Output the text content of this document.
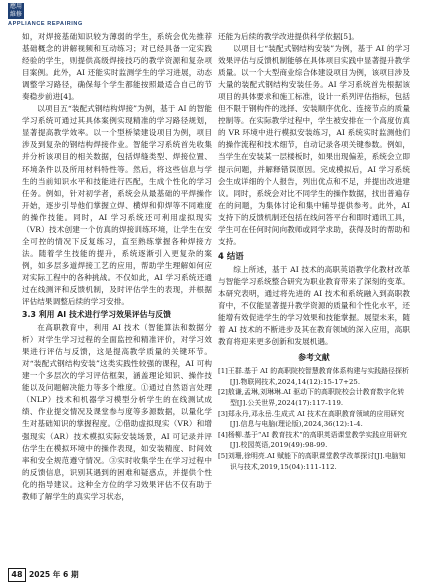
應用 維修
APPLIANCE REPAIRING

如，对焊接基础知识较为薄弱的学生，系统会优先推荐基础概念的讲解视频和互动练习；对已经具备一定实践经验的学生，则提供高级焊接技巧的教学资源和复杂项目案例。此外，AI 还能实时监测学生的学习进展，动态调整学习路径，确保每个学生都能按照最适合自己的节奏稳步前进[4]。

以项目五“装配式钢结构焊接”为例，基于 AI 的智能学习系统可通过其具体案例实现精准的学习路径规划，显著提高教学效率。以一个型桥梁建设项目为例，项目涉及到复杂的钢结构焊接作业。智能学习系统首先收集并分析该项目的相关数据，包括焊缝类型、焊接位置、环境条件以及所用材料特性等。然后，将这些信息与学生的当前知识水平和技能进行匹配，生成个性化的学习任务。例如，针对初学者，系统会从最基础的平焊操作开始，逐步引导他们掌握立焊、横焊和仰焊等不同难度的操作技能。同时，AI 学习系统还可利用虚拟现实（VR）技术创建一个仿真的焊接训练环境，让学生在安全可控的情况下反复练习，直至熟练掌握各种焊接方法。随着学生技能的提升，系统逐渐引入更复杂的案例，如多层多道焊接工艺的应用，帮助学生理解如何应对实际工程中的各种挑战。不仅如此，AI 学习系统还通过在线测评和反馈机制，及时评估学生的表现，并根据评估结果调整后续的学习安排。

3.3 利用 AI 技术进行学习效果评估与反馈

在高职教育中，利用 AI 技术（智能算法和数据分析）对学生学习过程的全面监控和精准评价，对学习效果进行评估与反馈，这是提高教学质量的关键环节。对“装配式钢结构安装”这类实践性较强的课程，AI 可构建一个多层次的学习评估框架，涵盖理论知识、操作技能以及问题解决能力等多个维度。①通过自然语言处理（NLP）技术和机器学习模型分析学生的在线测试成绩、作业提交情况及课堂参与度等多源数据，以量化学生对基础知识的掌握程度。②借助虚拟现实（VR）和增强现实（AR）技术模拟实际安装场景，AI 可记录并评估学生在模拟环境中的操作表现，如安装精度、时间效率和安全规范遵守情况。③实时收集学生在学习过程中的反馈信息，识别其遇到的困难和疑惑点，并提供个性化的指导建议。这种全方位的学习效果评估不仅有助于教师了解学生的真实学习状态，

还能为后续的教学改进提供科学依据[5]。

以项目七“装配式钢结构安装”为例，基于 AI 的学习效果评估与反馈机制能够在具体项目实践中显著提升教学质量。以一个大型商业综合体建设项目为例，该项目涉及大量的装配式钢结构安装任务。AI 学习系统首先根据该项目的具体要求和施工标准，设计一系列评估指标，包括但不限于钢构件的选择、安装顺序优化、连接节点的质量控制等。在实际教学过程中，学生被安排在一个高度仿真的 VR 环境中进行模拟安装练习，AI 系统实时监测他们的操作流程和技术细节，自动记录各项关键参数。例如，当学生在安装某一层楼板时，如果出现偏差，系统会立即提示问题，并解释错误原因。完成模拟后，AI 学习系统会生成详细的个人报告，列出优点和不足，并提出改进建议。同时，系统会对比不同学生的操作数据，找出普遍存在的问题，为集体讨论和集中辅导提供参考。此外，AI 支持下的反馈机制还包括在线问答平台和即时通讯工具，学生可在任何时间向教师或同学求助，获得及时的帮助和支持。

4 结语

综上所述，基于 AI 技术的高职英语教学化教材改革与智能学习系统整合研究为职业教育带来了深刻的变革。本研究表明，通过将先进的 AI 技术和系统融入到高职教育中，不仅能显著提升教学资源的质量和个性化水平，还能增有效促进学生的学习效果和技能掌握。展望未来，随着 AI 技术的不断进步及其在教育领域的深入应用，高职教育将迎来更多创新和发展机遇。

参考文献
[1]王群.基于 AI 的高职院校智慧教育体系构建与实践路径探析[J].物联网技术,2024,14(12):15-17+25.
[2]敖谦,孟琳,刘琳琳.AI 驱动下的高职院校会计教育数字化转型[J].公关世界,2024(17):117-119.
[3]郑永丹,邓永岳.生成式 AI 技术在高职教育领域的应用研究[J].信息与电脑(理论版),2024,36(12):1-4.
[4]杨柳.基于“AI 教育技术”的高职英语课堂教学实践应用研究[J].校园英语,2019(49):98-99.
[5]刘珊,徐明亮.AI 赋能下的高职课堂教学改革探讨[J].电脑知识与技术,2019,15(04):111-112.
48 2025 年 6 期
